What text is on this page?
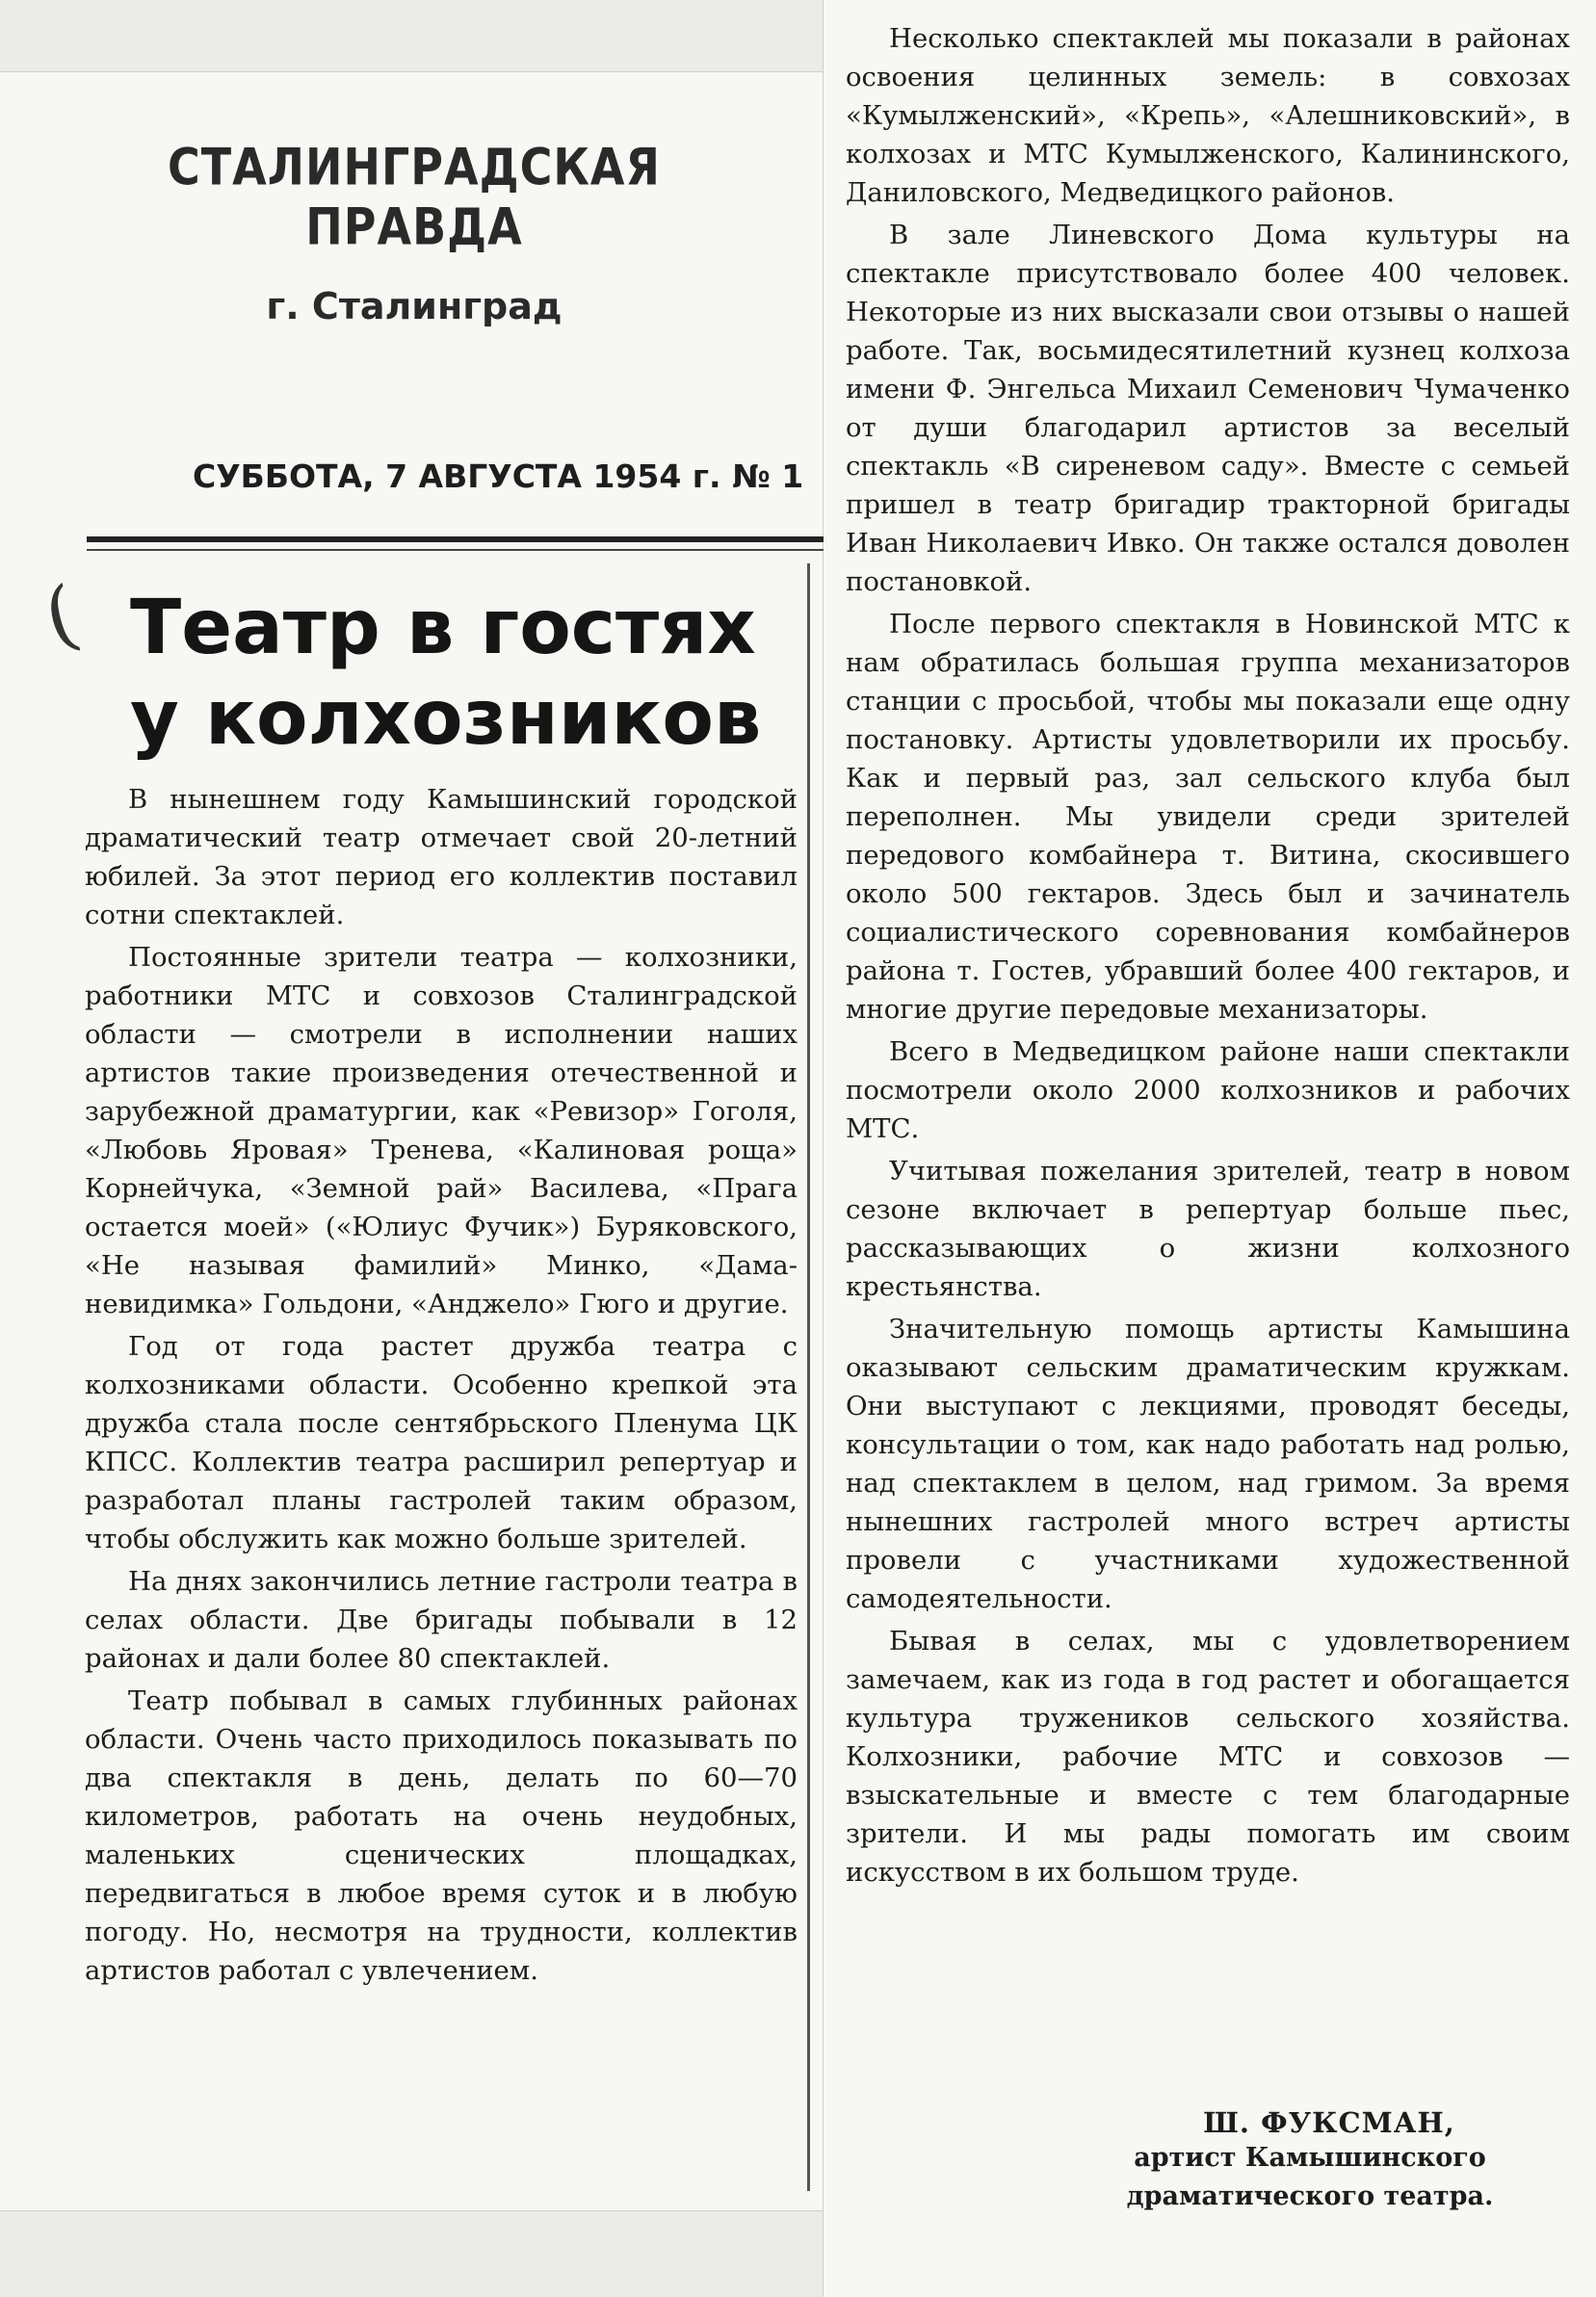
СТАЛИНГРАДСКАЯ ПРАВДА
г. Сталинград
СУББОТА, 7 АВГУСТА 1954 г. № 1
( Театр в гостях
у колхозников

В нынешнем году Камышинский городской драматический театр отмечает свой 20-летний юбилей. За этот период его коллектив поставил сотни спектаклей.

Постоянные зрители театра — колхозники, работники МТС и совхозов Сталинградской области — смотрели в исполнении наших артистов такие произведения отечественной и зарубежной драматургии, как «Ревизор» Гоголя, «Любовь Яровая» Тренева, «Калиновая роща» Корнейчука, «Земной рай» Василева, «Прага остается моей» («Юлиус Фучик») Буряковского, «Не называя фамилий» Минко, «Дама-невидимка» Гольдони, «Анджело» Гюго и другие.

Год от года растет дружба театра с колхозниками области. Особенно крепкой эта дружба стала после сентябрьского Пленума ЦК КПСС. Коллектив театра расширил репертуар и разработал планы гастролей таким образом, чтобы обслужить как можно больше зрителей.

На днях закончились летние гастроли театра в селах области. Две бригады побывали в 12 районах и дали более 80 спектаклей.

Театр побывал в самых глубинных районах области. Очень часто приходилось показывать по два спектакля в день, делать по 60—70 километров, работать на очень неудобных, маленьких сценических площадках, передвигаться в любое время суток и в любую погоду. Но, несмотря на трудности, коллектив артистов работал с увлечением.

Несколько спектаклей мы показали в районах освоения целинных земель: в совхозах «Кумылженский», «Крепь», «Алешниковский», в колхозах и МТС Кумылженского, Калининского, Даниловского, Медведицкого районов.

В зале Линевского Дома культуры на спектакле присутствовало более 400 человек. Некоторые из них высказали свои отзывы о нашей работе. Так, восьмидесятилетний кузнец колхоза имени Ф. Энгельса Михаил Семенович Чумаченко от души благодарил артистов за веселый спектакль «В сиреневом саду». Вместе с семьей пришел в театр бригадир тракторной бригады Иван Николаевич Ивко. Он также остался доволен постановкой.

После первого спектакля в Новинской МТС к нам обратилась большая группа механизаторов станции с просьбой, чтобы мы показали еще одну постановку. Артисты удовлетворили их просьбу. Как и первый раз, зал сельского клуба был переполнен. Мы увидели среди зрителей передового комбайнера т. Витина, скосившего около 500 гектаров. Здесь был и зачинатель социалистического соревнования комбайнеров района т. Гостев, убравший более 400 гектаров, и многие другие передовые механизаторы.

Всего в Медведицком районе наши спектакли посмотрели около 2000 колхозников и рабочих МТС.

Учитывая пожелания зрителей, театр в новом сезоне включает в репертуар больше пьес, рассказывающих о жизни колхозного крестьянства.

Значительную помощь артисты Камышина оказывают сельским драматическим кружкам. Они выступают с лекциями, проводят беседы, консультации о том, как надо работать над ролью, над спектаклем в целом, над гримом. За время нынешних гастролей много встреч артисты провели с участниками художественной самодеятельности.

Бывая в селах, мы с удовлетворением замечаем, как из года в год растет и обогащается культура тружеников сельского хозяйства. Колхозники, рабочие МТС и совхозов — взыскательные и вместе с тем благодарные зрители. И мы рады помогать им своим искусством в их большом труде.

Ш. ФУКСМАН,
артист Камышинского
драматического театра.
